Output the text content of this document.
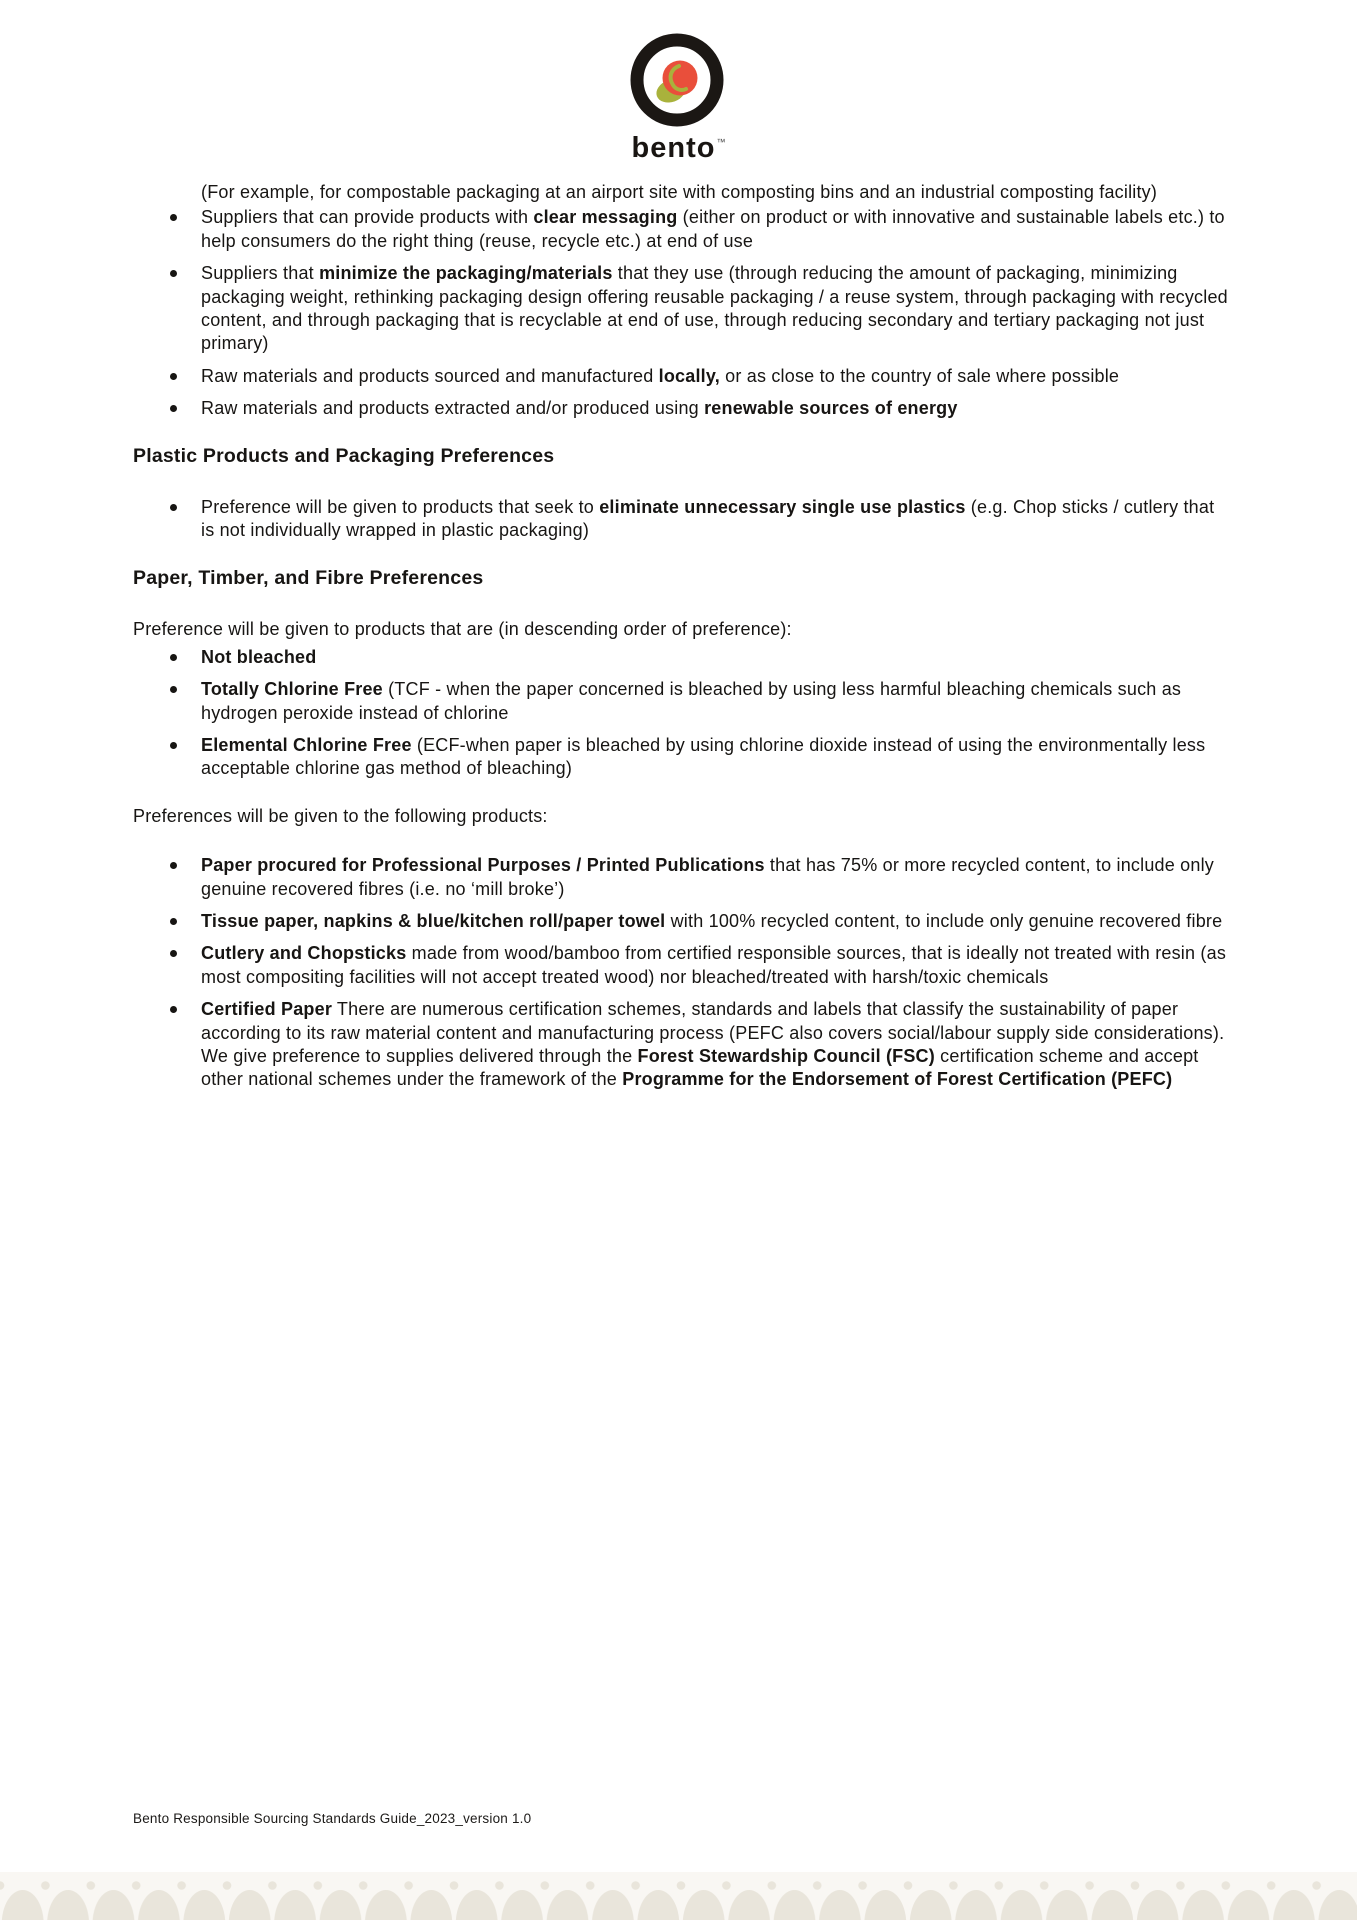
bento™
(For example, for compostable packaging at an airport site with composting bins and an industrial composting facility)
Suppliers that can provide products with clear messaging (either on product or with innovative and sustainable labels etc.) to help consumers do the right thing (reuse, recycle etc.) at end of use
Suppliers that minimize the packaging/materials that they use (through reducing the amount of packaging, minimizing packaging weight, rethinking packaging design offering reusable packaging / a reuse system, through packaging with recycled content, and through packaging that is recyclable at end of use, through reducing secondary and tertiary packaging not just primary)
Raw materials and products sourced and manufactured locally, or as close to the country of sale where possible
Raw materials and products extracted and/or produced using renewable sources of energy
Plastic Products and Packaging Preferences
Preference will be given to products that seek to eliminate unnecessary single use plastics (e.g. Chop sticks / cutlery that is not individually wrapped in plastic packaging)
Paper, Timber, and Fibre Preferences
Preference will be given to products that are (in descending order of preference):
Not bleached
Totally Chlorine Free (TCF - when the paper concerned is bleached by using less harmful bleaching chemicals such as hydrogen peroxide instead of chlorine
Elemental Chlorine Free (ECF-when paper is bleached by using chlorine dioxide instead of using the environmentally less acceptable chlorine gas method of bleaching)
Preferences will be given to the following products:
Paper procured for Professional Purposes / Printed Publications that has 75% or more recycled content, to include only genuine recovered fibres (i.e. no ‘mill broke’)
Tissue paper, napkins & blue/kitchen roll/paper towel with 100% recycled content, to include only genuine recovered fibre
Cutlery and Chopsticks made from wood/bamboo from certified responsible sources, that is ideally not treated with resin (as most compositing facilities will not accept treated wood) nor bleached/treated with harsh/toxic chemicals
Certified Paper There are numerous certification schemes, standards and labels that classify the sustainability of paper according to its raw material content and manufacturing process (PEFC also covers social/labour supply side considerations). We give preference to supplies delivered through the Forest Stewardship Council (FSC) certification scheme and accept other national schemes under the framework of the Programme for the Endorsement of Forest Certification (PEFC)
Bento Responsible Sourcing Standards Guide_2023_version 1.0
